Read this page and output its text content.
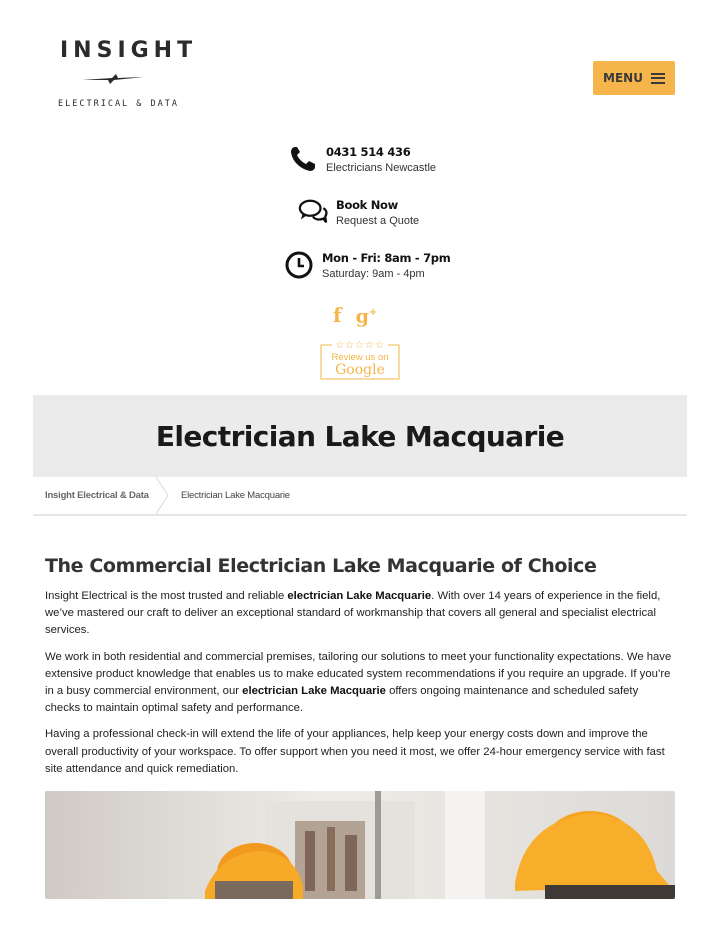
INSIGHT
ELECTRICAL & DATA
MENU
0431 514 436
Electricians Newcastle
Book Now
Request a Quote
Mon - Fri: 8am - 7pm
Saturday: 9am - 4pm
f g+
☆☆☆☆☆
Review us on
Google
Electrician Lake Macquarie
Insight Electrical & Data	Electrician Lake Macquarie
The Commercial Electrician Lake Macquarie of Choice

Insight Electrical is the most trusted and reliable electrician Lake Macquarie. With over 14 years of experience in the field, we’ve mastered our craft to deliver an exceptional standard of workmanship that covers all general and specialist electrical services.

We work in both residential and commercial premises, tailoring our solutions to meet your functionality expectations. We have extensive product knowledge that enables us to make educated system recommendations if you require an upgrade. If you’re in a busy commercial environment, our electrician Lake Macquarie offers ongoing maintenance and scheduled safety checks to maintain optimal safety and performance.

Having a professional check-in will extend the life of your appliances, help keep your energy costs down and improve the overall productivity of your workspace. To offer support when you need it most, we offer 24-hour emergency service with fast site attendance and quick remediation.
